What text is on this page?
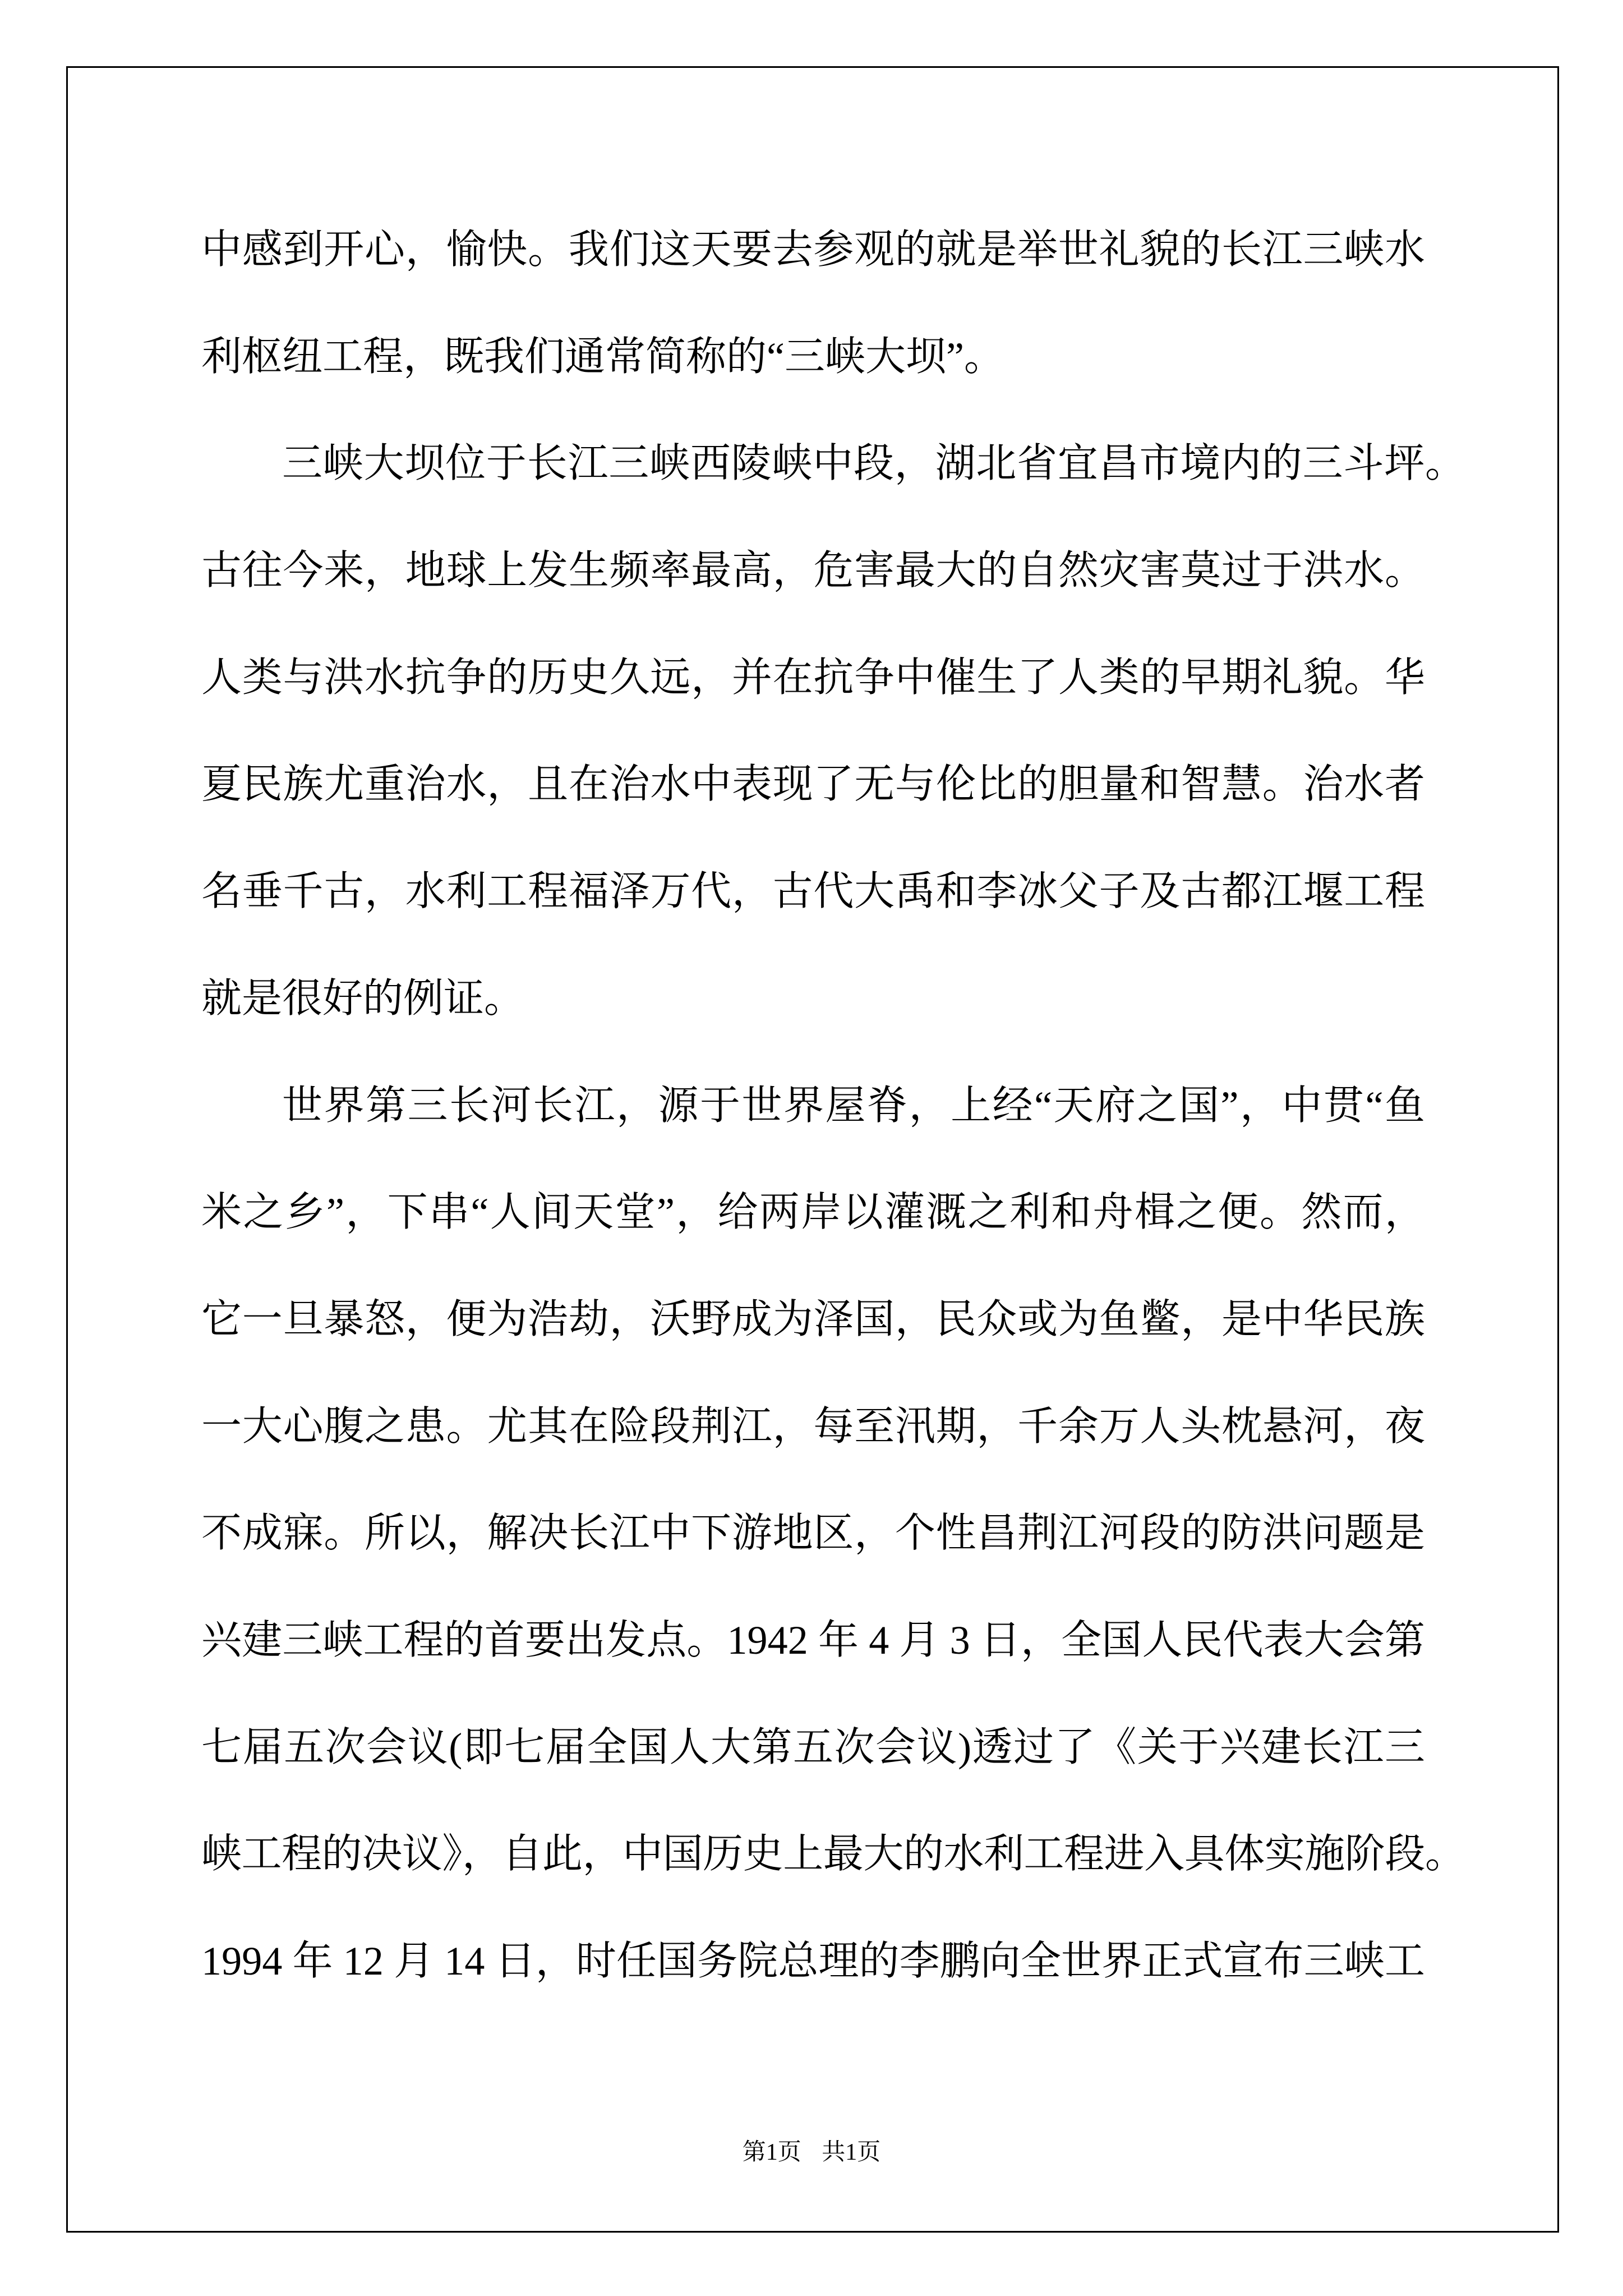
中感到开心，愉快。我们这天要去参观的就是举世礼貌的长江三峡水
利枢纽工程，既我们通常简称的“三峡大坝”。
三峡大坝位于长江三峡西陵峡中段，湖北省宜昌市境内的三斗坪。
古往今来，地球上发生频率最高，危害最大的自然灾害莫过于洪水。
人类与洪水抗争的历史久远，并在抗争中催生了人类的早期礼貌。华
夏民族尤重治水，且在治水中表现了无与伦比的胆量和智慧。治水者
名垂千古，水利工程福泽万代，古代大禹和李冰父子及古都江堰工程
就是很好的例证。
世界第三长河长江，源于世界屋脊，上经“天府之国”，中贯“鱼
米之乡”，下串“人间天堂”，给两岸以灌溉之利和舟楫之便。然而，
它一旦暴怒，便为浩劫，沃野成为泽国，民众或为鱼鳖，是中华民族
一大心腹之患。尤其在险段荆江，每至汛期，千余万人头枕悬河，夜
不成寐。所以，解决长江中下游地区，个性昌荆江河段的防洪问题是
兴建三峡工程的首要出发点。1942 年 4 月 3 日，全国人民代表大会第
七届五次会议(即七届全国人大第五次会议)透过了《关于兴建长江三
峡工程的决议》，自此，中国历史上最大的水利工程进入具体实施阶段。
1994 年 12 月 14 日，时任国务院总理的李鹏向全世界正式宣布三峡工
第1页 共1页
